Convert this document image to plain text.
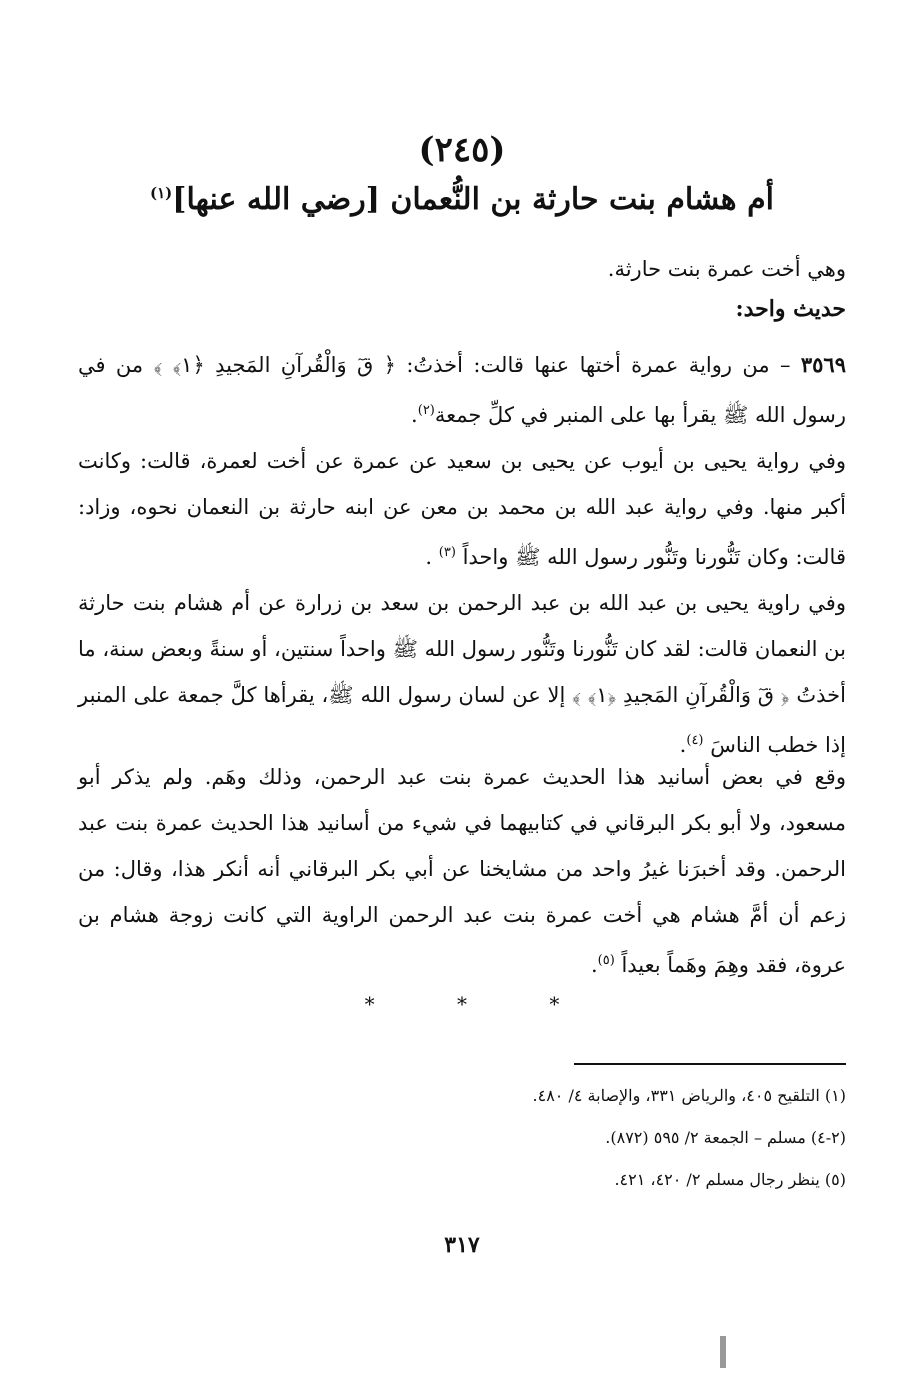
(٢٤٥)
أم هشام بنت حارثة بن النُّعمان [رضي الله عنها]$^{(١)}$
وهي أخت عمرة بنت حارثة.
حديث واحد:
٣٥٦٩ – من رواية عمرة أختها عنها قالت: أخذتُ: ﴿ قٓ وَالْقُرآنِ المَجيدِ ﴿١﴾ ﴾ من في رسول الله ﷺ يقرأ بها على المنبر في كلِّ جمعة$^{(٢)}$.
وفي رواية يحيى بن أيوب عن يحيى بن سعيد عن عمرة عن أخت لعمرة، قالت: وكانت أكبر منها. وفي رواية عبد الله بن محمد بن معن عن ابنه حارثة بن النعمان نحوه، وزاد: قالت: وكان تَنُّورنا وتَنُّور رسول الله ﷺ واحداً $^{(٣)}$ .
وفي راوية يحيى بن عبد الله بن عبد الرحمن بن سعد بن زرارة عن أم هشام بنت حارثة بن النعمان قالت: لقد كان تَنُّورنا وتَنُّور رسول الله ﷺ واحداً سنتين، أو سنةً وبعض سنة، ما أخذتُ ﴿ قٓ وَالْقُرآنِ المَجيدِ ﴿١﴾ ﴾ إلا عن لسان رسول الله ﷺ، يقرأها كلَّ جمعة على المنبر إذا خطب الناسَ $^{(٤)}$.
وقع في بعض أسانيد هذا الحديث عمرة بنت عبد الرحمن، وذلك وهَم. ولم يذكر أبو مسعود، ولا أبو بكر البرقاني في كتابيهما في شيء من أسانيد هذا الحديث عمرة بنت عبد الرحمن. وقد أخبرَنا غيرُ واحد من مشايخنا عن أبي بكر البرقاني أنه أنكر هذا، وقال: من زعم أن أمَّ هشام هي أخت عمرة بنت عبد الرحمن الراوية التي كانت زوجة هشام بن عروة، فقد وهِمَ وهَماً بعيداً $^{(٥)}$.
* * *
(١) التلقيح ٤٠٥، والرياض ٣٣١، والإصابة ٤/ ٤٨٠.
(٢-٤) مسلم – الجمعة ٢/ ٥٩٥ (٨٧٢).
(٥) ينظر رجال مسلم ٢/ ٤٢٠، ٤٢١.
٣١٧
